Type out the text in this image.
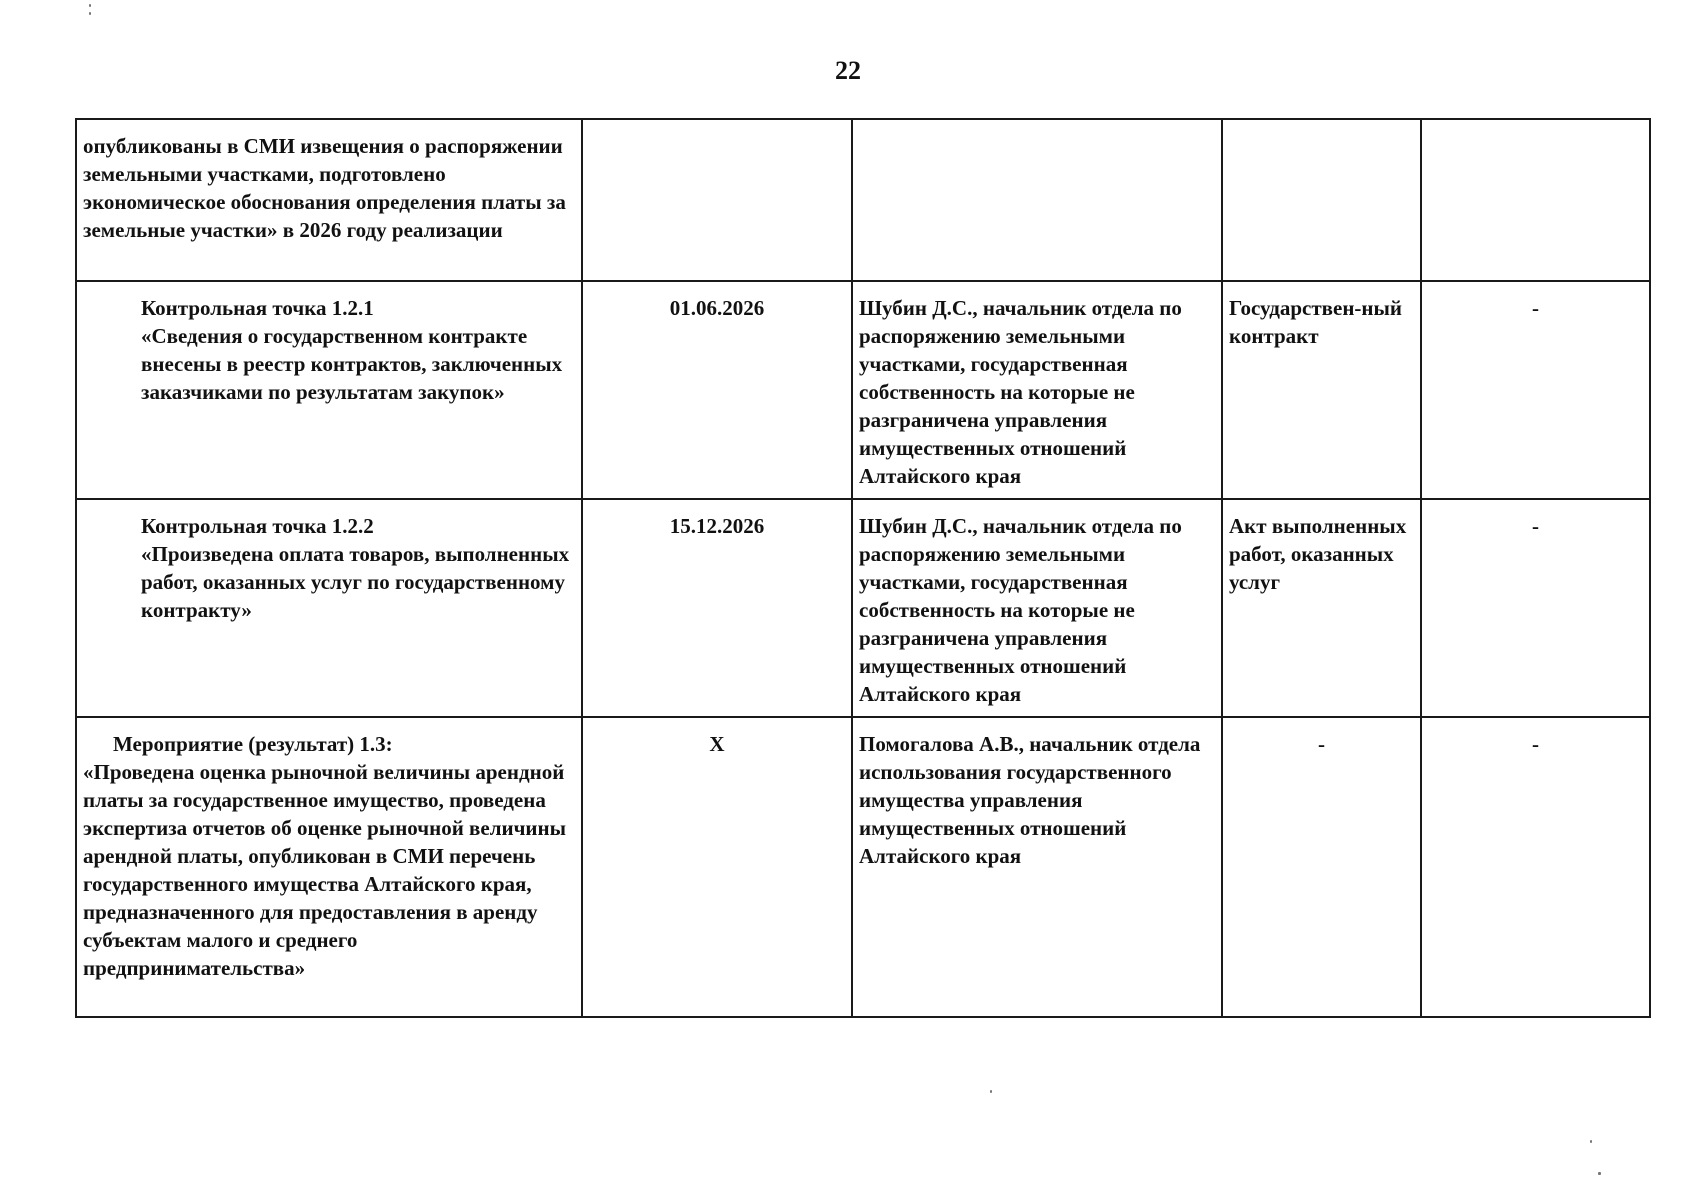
22
опубликованы в СМИ извещения о распоряжении земельными участками, подготовлено экономическое обоснования определения платы за земельные участки» в 2026 году реализации				

Контрольная точка 1.2.1
«Сведения о государственном контракте внесены в реестр контрактов, заключенных заказчиками по результатам закупок»	01.06.2026	Шубин Д.С., начальник отдела по распоряжению земельными участками, государственная собственность на которые не разграничена управления имущественных отношений Алтайского края	Государствен-ный контракт	-

Контрольная точка 1.2.2
«Произведена оплата товаров, выполненных работ, оказанных услуг по государственному контракту»	15.12.2026	Шубин Д.С., начальник отдела по распоряжению земельными участками, государственная собственность на которые не разграничена управления имущественных отношений Алтайского края	Акт выполненных работ, оказанных услуг	-

Мероприятие (результат) 1.3:
«Проведена оценка рыночной величины арендной платы за государственное имущество, проведена экспертиза отчетов об оценке рыночной величины арендной платы, опубликован в СМИ перечень государственного имущества Алтайского края, предназначенного для предоставления в аренду субъектам малого и среднего предпринимательства»	Х	Помогалова А.В., начальник отдела использования государственного имущества управления имущественных отношений Алтайского края	-	-
